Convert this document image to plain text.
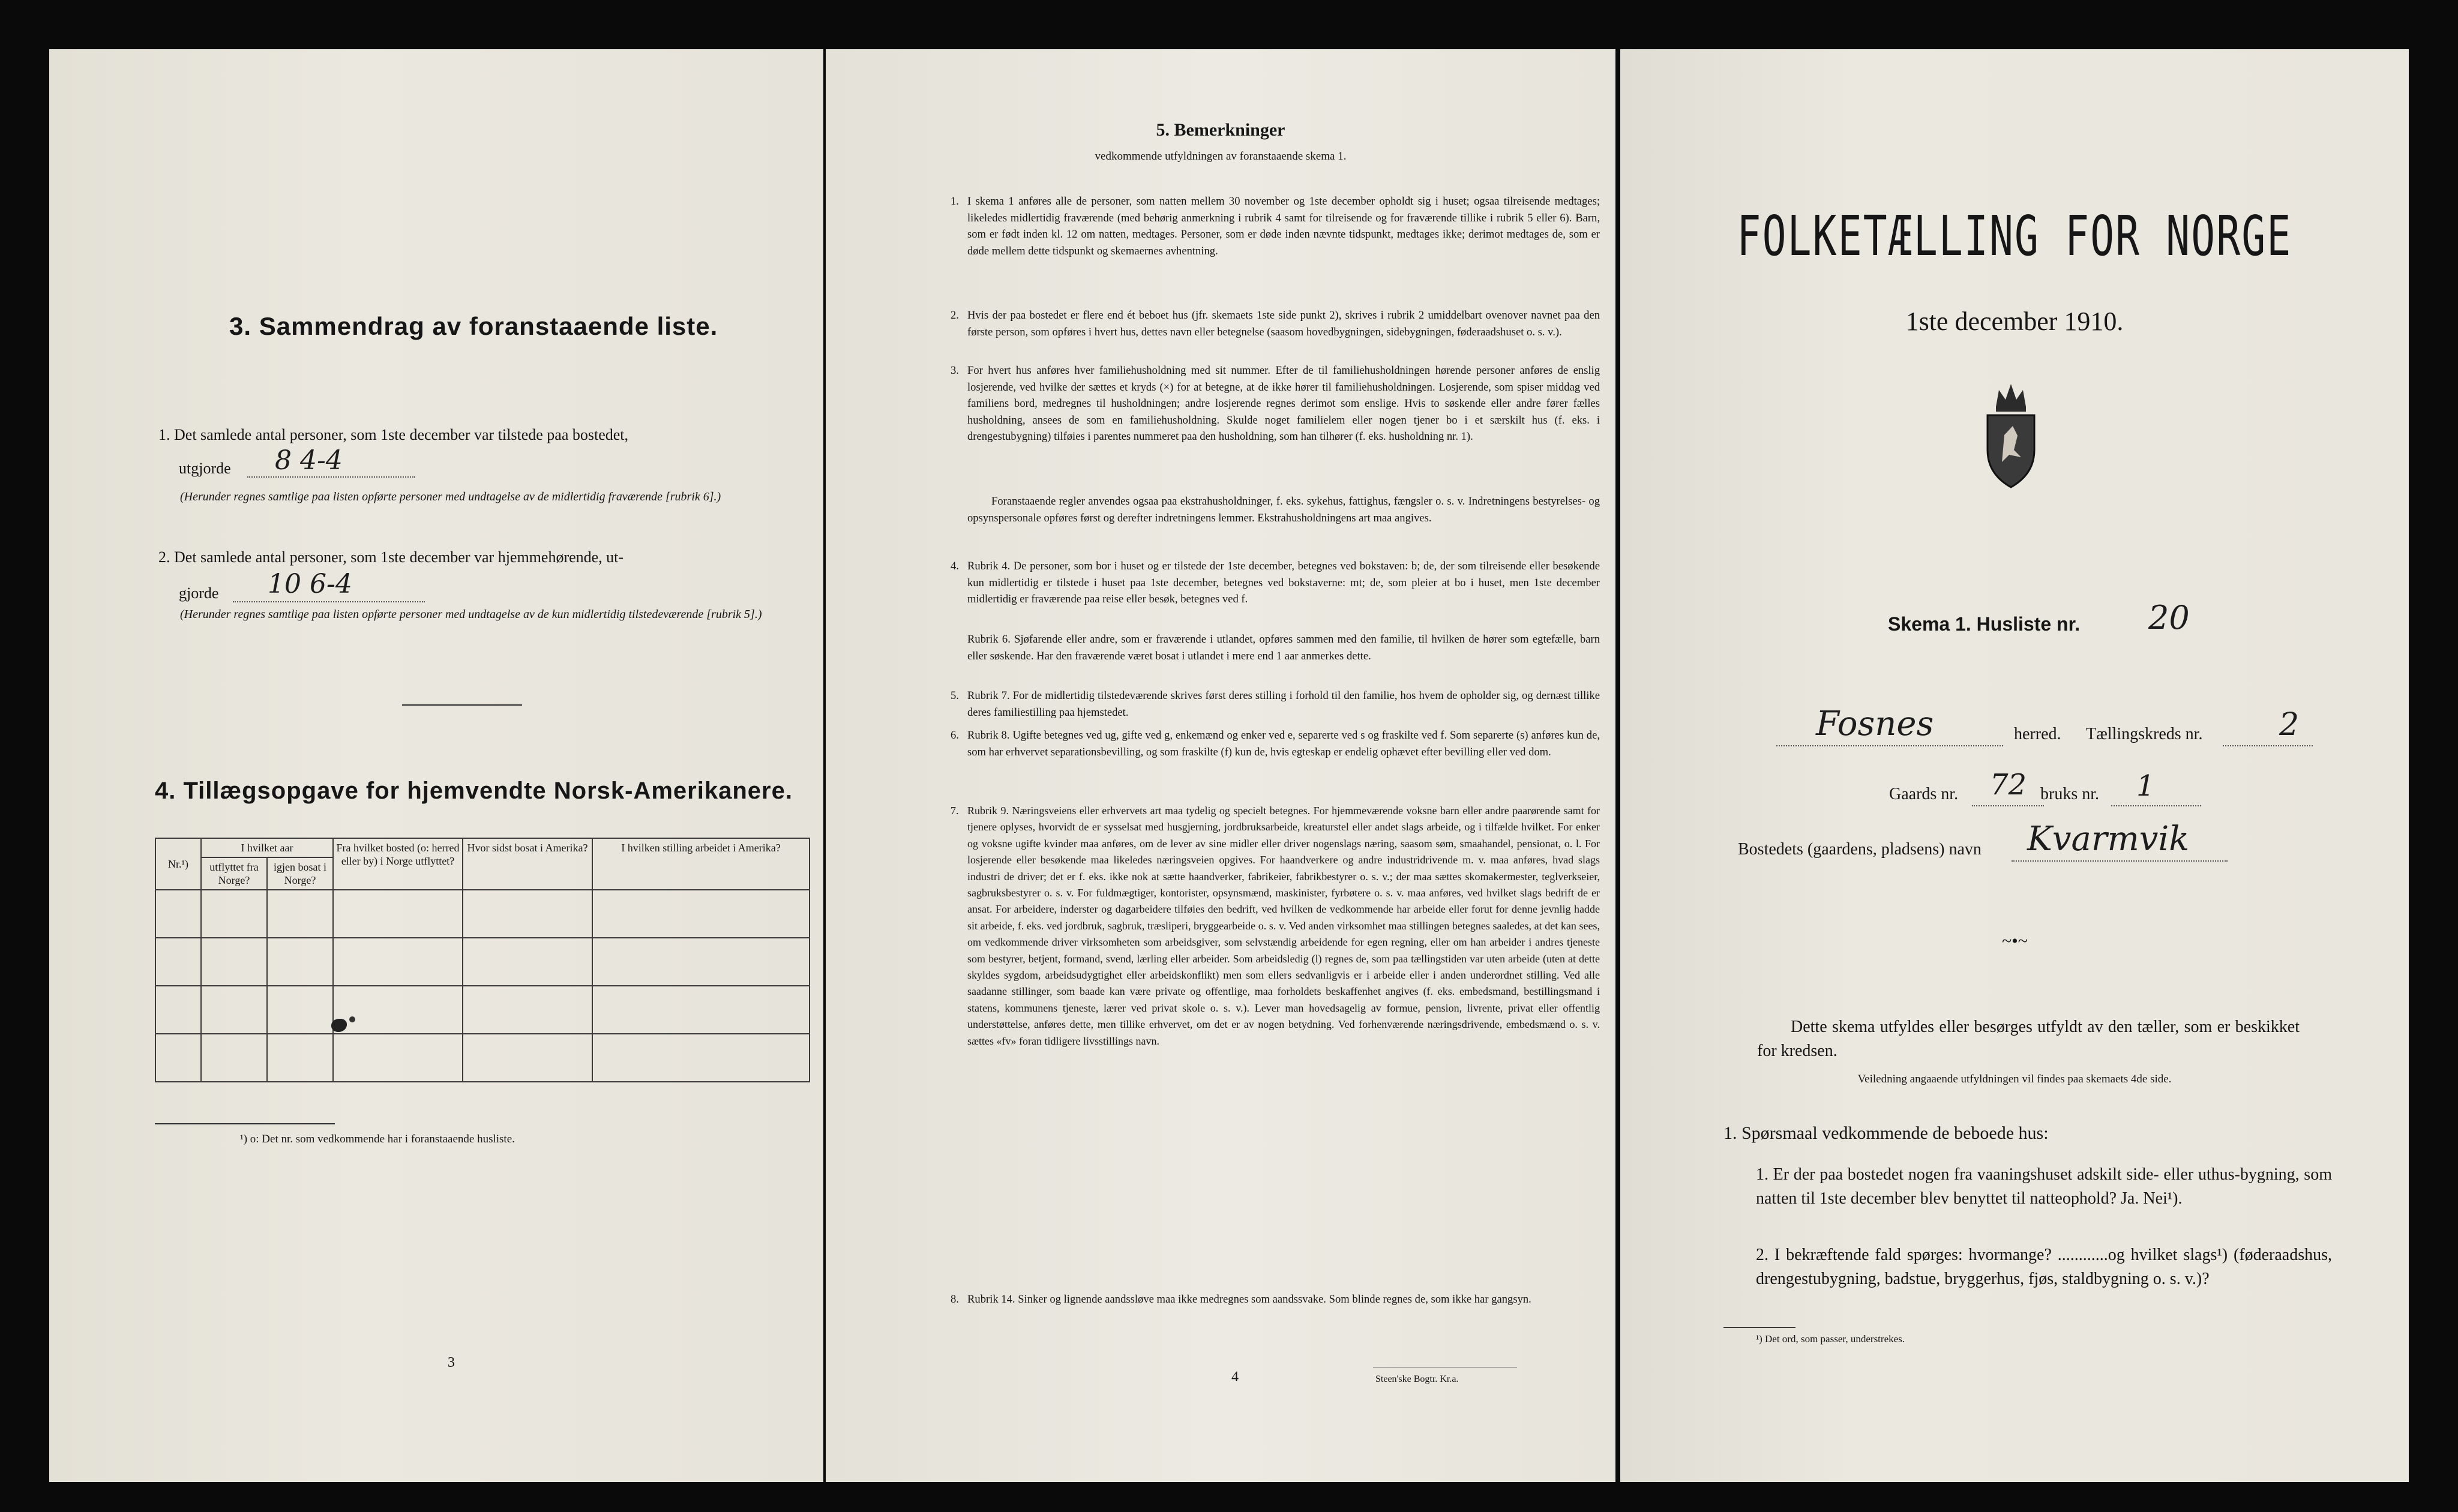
3. Sammendrag av foranstaaende liste.
1. Det samlede antal personer, som 1ste december var tilstede paa bostedet,
utgjorde 8 4-4
(Herunder regnes samtlige paa listen opførte personer med undtagelse av de midlertidig fraværende [rubrik 6].)
2. Det samlede antal personer, som 1ste december var hjemmehørende, ut-
gjorde 10 6-4
(Herunder regnes samtlige paa listen opførte personer med undtagelse av de kun midlertidig tilstedeværende [rubrik 5].)
4. Tillægsopgave for hjemvendte Norsk-Amerikanere.
Nr.¹)	I hvilket aar		Fra hvilket bosted (o: herred eller by) i Norge utflyttet?	Hvor sidst bosat i Amerika?	I hvilken stilling arbeidet i Amerika?
	utflyttet fra Norge?	igjen bosat i Norge?			

¹) o: Det nr. som vedkommende har i foranstaaende husliste.
3
5. Bemerkninger
vedkommende utfyldningen av foranstaaende skema 1.
1. I skema 1 anføres alle de personer, som natten mellem 30 november og 1ste december opholdt sig i huset; ogsaa tilreisende medtages; likeledes midlertidig fraværende (med behørig anmerkning i rubrik 4 samt for tilreisende og for fraværende tillike i rubrik 5 eller 6). Barn, som er født inden kl. 12 om natten, medtages. Personer, som er døde inden nævnte tidspunkt, medtages ikke; derimot medtages de, som er døde mellem dette tidspunkt og skemaernes avhentning.
2. Hvis der paa bostedet er flere end ét beboet hus (jfr. skemaets 1ste side punkt 2), skrives i rubrik 2 umiddelbart ovenover navnet paa den første person, som opføres i hvert hus, dettes navn eller betegnelse (saasom hovedbygningen, sidebygningen, føderaadshuset o. s. v.).
3. For hvert hus anføres hver familiehusholdning med sit nummer. Efter de til familiehusholdningen hørende personer anføres de enslig losjerende, ved hvilke der sættes et kryds (×) for at betegne, at de ikke hører til familiehusholdningen. Losjerende, som spiser middag ved familiens bord, medregnes til husholdningen; andre losjerende regnes derimot som enslige. Hvis to søskende eller andre fører fælles husholdning, ansees de som en familiehusholdning. Skulde noget familielem eller nogen tjener bo i et særskilt hus (f. eks. i drengestubygning) tilføies i parentes nummeret paa den husholdning, som han tilhører (f. eks. husholdning nr. 1).
Foranstaaende regler anvendes ogsaa paa ekstrahusholdninger, f. eks. sykehus, fattighus, fængsler o. s. v. Indretningens bestyrelses- og opsynspersonale opføres først og derefter indretningens lemmer. Ekstrahusholdningens art maa angives.
4. Rubrik 4. De personer, som bor i huset og er tilstede der 1ste december, betegnes ved bokstaven: b; de, der som tilreisende eller besøkende kun midlertidig er tilstede i huset paa 1ste december, betegnes ved bokstaverne: mt; de, som pleier at bo i huset, men 1ste december midlertidig er fraværende paa reise eller besøk, betegnes ved f.
Rubrik 6. Sjøfarende eller andre, som er fraværende i utlandet, opføres sammen med den familie, til hvilken de hører som egtefælle, barn eller søskende. Har den fraværende været bosat i utlandet i mere end 1 aar anmerkes dette.
5. Rubrik 7. For de midlertidig tilstedeværende skrives først deres stilling i forhold til den familie, hos hvem de opholder sig, og dernæst tillike deres familiestilling paa hjemstedet.
6. Rubrik 8. Ugifte betegnes ved ug, gifte ved g, enkemænd og enker ved e, separerte ved s og fraskilte ved f. Som separerte (s) anføres kun de, som har erhvervet separationsbevilling, og som fraskilte (f) kun de, hvis egteskap er endelig ophævet efter bevilling eller ved dom.
7. Rubrik 9. Næringsveiens eller erhvervets art maa tydelig og specielt betegnes. For hjemmeværende voksne barn eller andre paarørende samt for tjenere oplyses, hvorvidt de er sysselsat med husgjerning, jordbruksarbeide, kreaturstel eller andet slags arbeide, og i tilfælde hvilket. For enker og voksne ugifte kvinder maa anføres, om de lever av sine midler eller driver nogenslags næring, saasom søm, smaahandel, pensionat, o. l. For losjerende eller besøkende maa likeledes næringsveien opgives. For haandverkere og andre industridrivende m. v. maa anføres, hvad slags industri de driver; det er f. eks. ikke nok at sætte haandverker, fabrikeier, fabrikbestyrer o. s. v.; der maa sættes skomakermester, teglverkseier, sagbruksbestyrer o. s. v. For fuldmægtiger, kontorister, opsynsmænd, maskinister, fyrbøtere o. s. v. maa anføres, ved hvilket slags bedrift de er ansat. For arbeidere, inderster og dagarbeidere tilføies den bedrift, ved hvilken de vedkommende har arbeide eller forut for denne jevnlig hadde sit arbeide, f. eks. ved jordbruk, sagbruk, træsliperi, bryggearbeide o. s. v. Ved anden virksomhet maa stillingen betegnes saaledes, at det kan sees, om vedkommende driver virksomheten som arbeidsgiver, som selvstændig arbeidende for egen regning, eller om han arbeider i andres tjeneste som bestyrer, betjent, formand, svend, lærling eller arbeider. Som arbeidsledig (l) regnes de, som paa tællingstiden var uten arbeide (uten at dette skyldes sygdom, arbeidsudygtighet eller arbeidskonflikt) men som ellers sedvanligvis er i arbeide eller i anden underordnet stilling. Ved alle saadanne stillinger, som baade kan være private og offentlige, maa forholdets beskaffenhet angives (f. eks. embedsmand, bestillingsmand i statens, kommunens tjeneste, lærer ved privat skole o. s. v.). Lever man hovedsagelig av formue, pension, livrente, privat eller offentlig understøttelse, anføres dette, men tillike erhvervet, om det er av nogen betydning. Ved forhenværende næringsdrivende, embedsmænd o. s. v. sættes «fv» foran tidligere livsstillings navn.
8. Rubrik 14. Sinker og lignende aandssløve maa ikke medregnes som aandssvake. Som blinde regnes de, som ikke har gangsyn.
4	Steen'ske Bogtr. Kr.a.
FOLKETÆLLING FOR NORGE
1ste december 1910.
Skema 1. Husliste nr. 20
Fosnes	herred. Tællingskreds nr. 2
Gaards nr. 72 bruks nr. 1
Bostedets (gaardens, pladsens) navn Kvarmvik
~•~
Dette skema utfyldes eller besørges utfyldt av den tæller, som er beskikket for kredsen.
Veiledning angaaende utfyldningen vil findes paa skemaets 4de side.
1. Spørsmaal vedkommende de beboede hus:
1. Er der paa bostedet nogen fra vaaningshuset adskilt side- eller uthus-bygning, som natten til 1ste december blev benyttet til natteophold? Ja. Nei¹).
2. I bekræftende fald spørges: hvormange? ............og hvilket slags¹) (føderaadshus, drengestubygning, badstue, bryggerhus, fjøs, staldbygning o. s. v.)?
¹) Det ord, som passer, understrekes.
